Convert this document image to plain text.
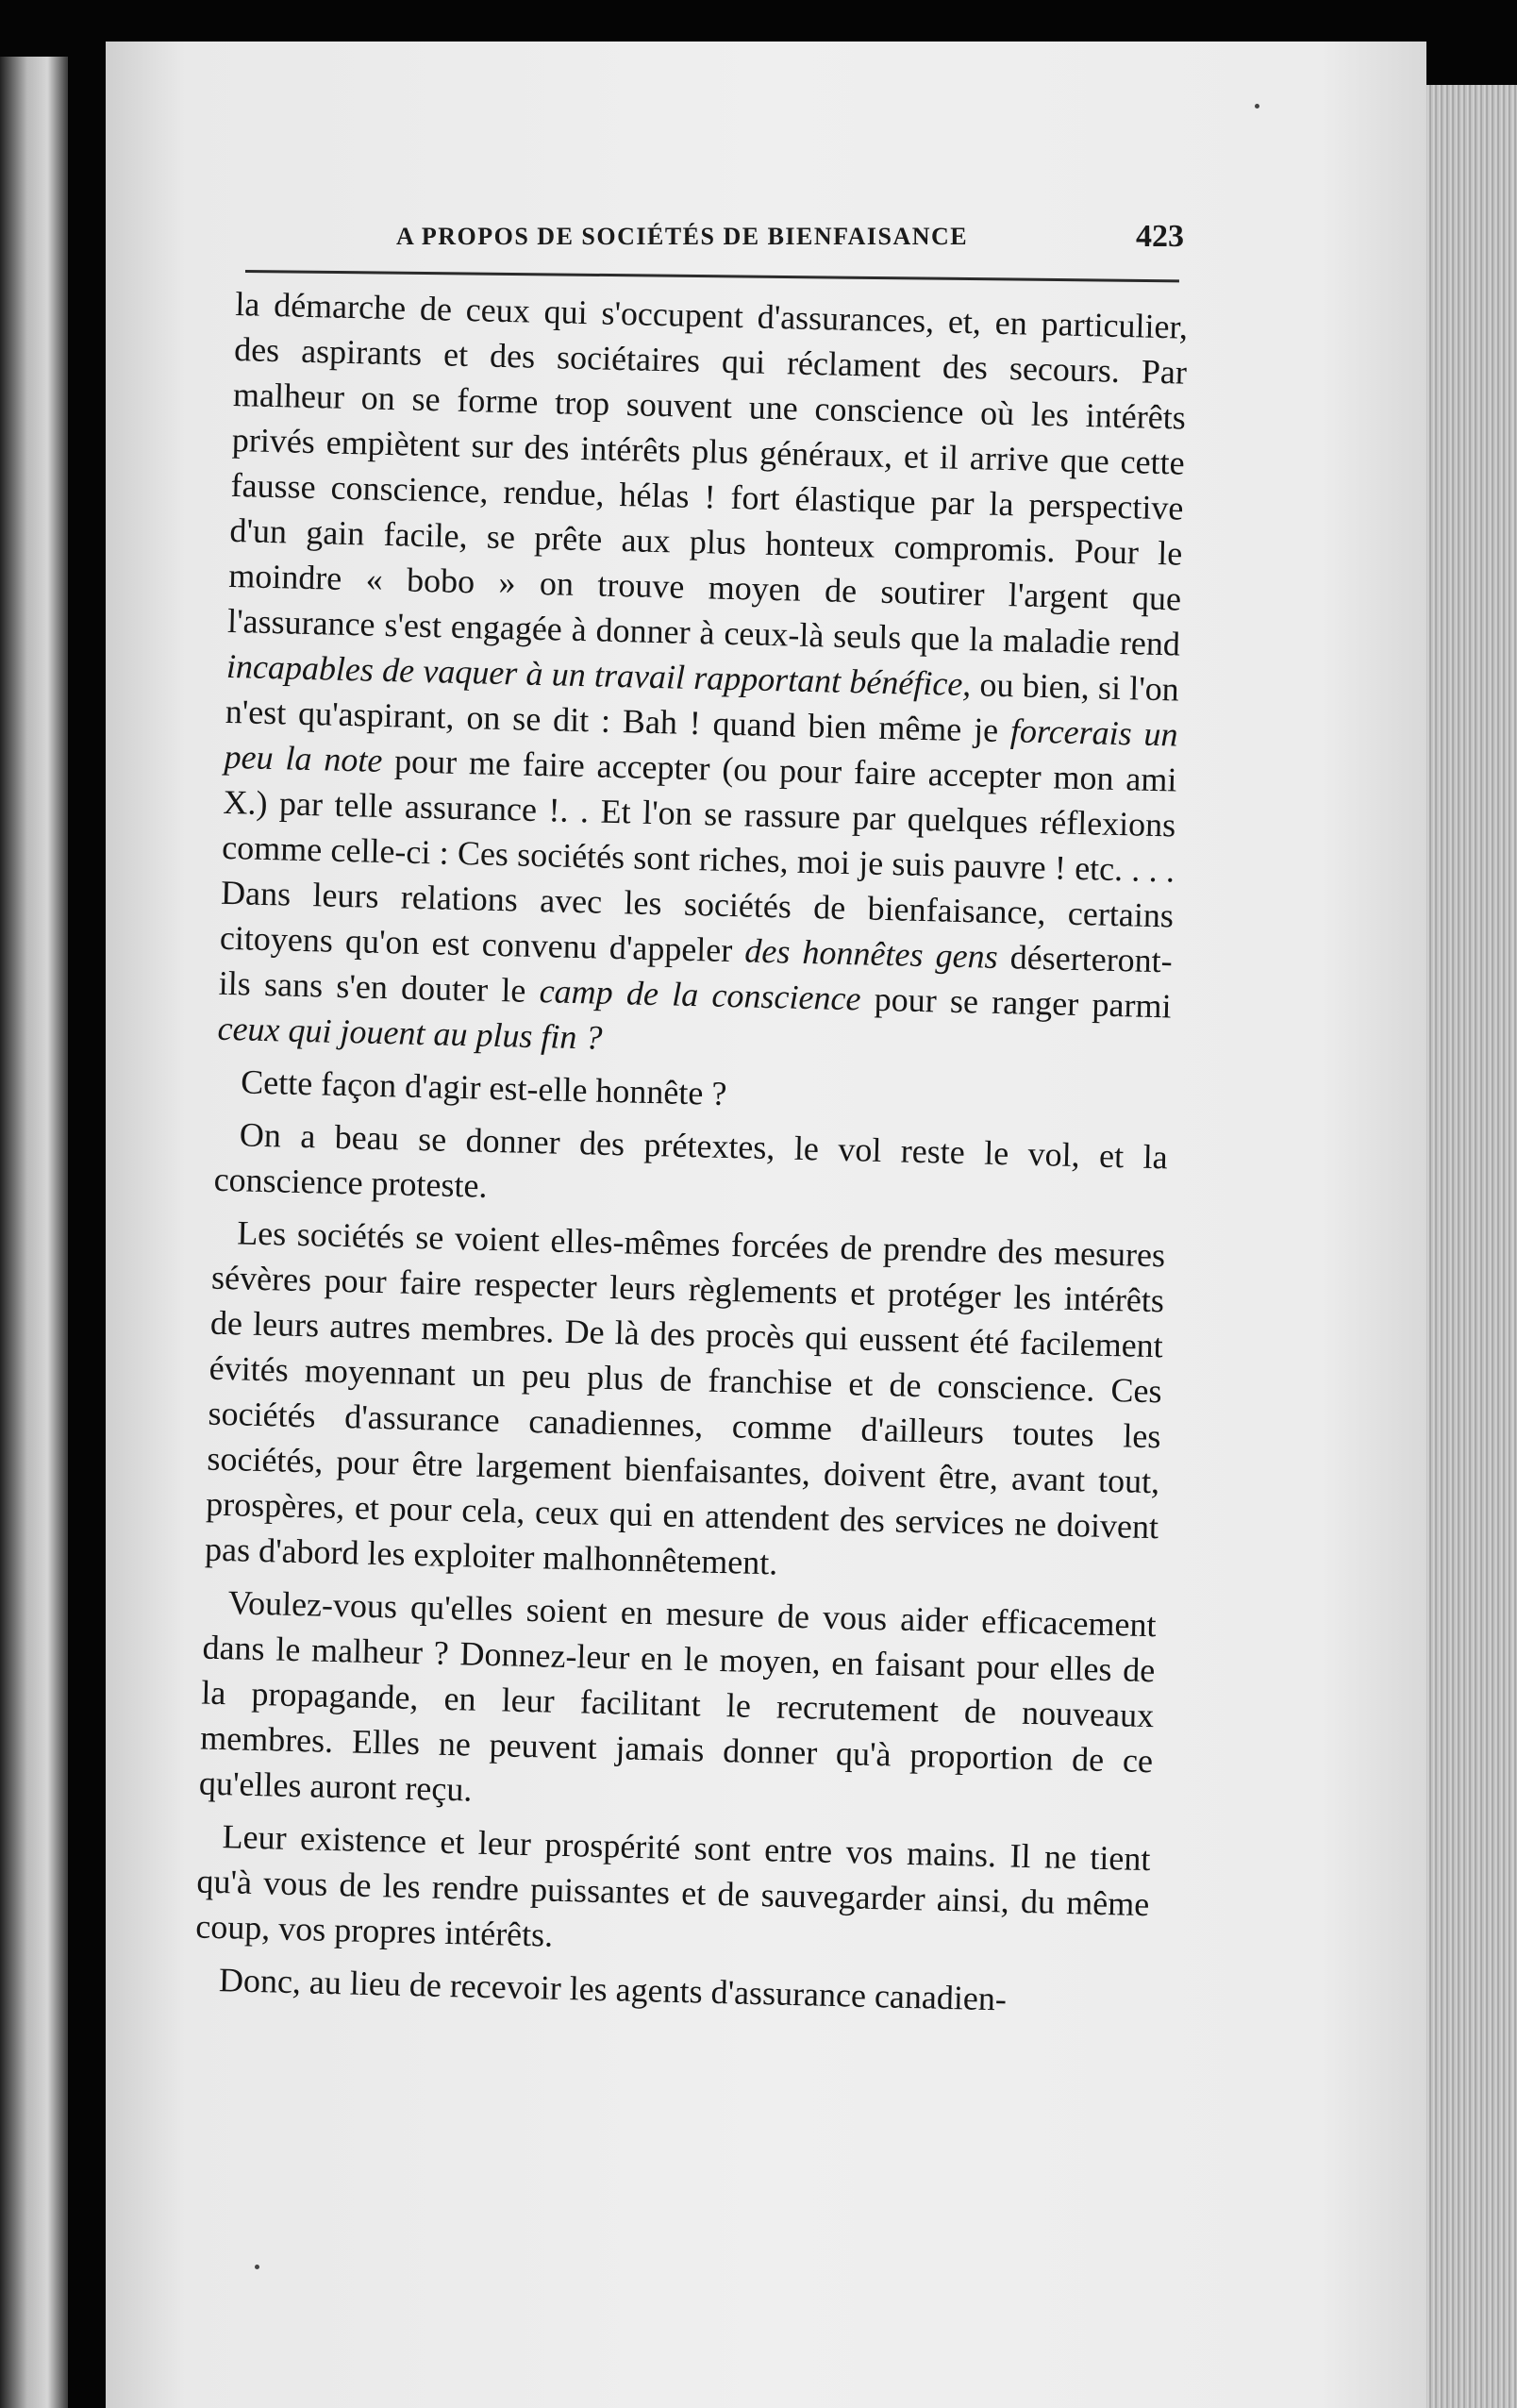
A PROPOS DE SOCIÉTÉS DE BIENFAISANCE	423

la démarche de ceux qui s'occupent d'assurances, et, en particulier, des aspirants et des sociétaires qui réclament des secours. Par malheur on se forme trop souvent une conscience où les intérêts privés empiètent sur des intérêts plus généraux, et il arrive que cette fausse conscience, rendue, hélas ! fort élastique par la perspective d'un gain facile, se prête aux plus honteux compromis. Pour le moindre « bobo » on trouve moyen de soutirer l'argent que l'assurance s'est engagée à donner à ceux-là seuls que la maladie rend incapables de vaquer à un travail rapportant bénéfice, ou bien, si l'on n'est qu'aspirant, on se dit : Bah ! quand bien même je forcerais un peu la note pour me faire accepter (ou pour faire accepter mon ami X.) par telle assurance !. . Et l'on se rassure par quelques réflexions comme celle-ci : Ces sociétés sont riches, moi je suis pauvre ! etc. . . . Dans leurs relations avec les sociétés de bienfaisance, certains citoyens qu'on est convenu d'appeler des honnêtes gens déserteront-ils sans s'en douter le camp de la conscience pour se ranger parmi ceux qui jouent au plus fin ?

Cette façon d'agir est-elle honnête ?

On a beau se donner des prétextes, le vol reste le vol, et la conscience proteste.

Les sociétés se voient elles-mêmes forcées de prendre des mesures sévères pour faire respecter leurs règlements et protéger les intérêts de leurs autres membres. De là des procès qui eussent été facilement évités moyennant un peu plus de franchise et de conscience. Ces sociétés d'assurance canadiennes, comme d'ailleurs toutes les sociétés, pour être largement bienfaisantes, doivent être, avant tout, prospères, et pour cela, ceux qui en attendent des services ne doivent pas d'abord les exploiter malhonnêtement.

Voulez-vous qu'elles soient en mesure de vous aider efficacement dans le malheur ? Donnez-leur en le moyen, en faisant pour elles de la propagande, en leur facilitant le recrutement de nouveaux membres. Elles ne peuvent jamais donner qu'à proportion de ce qu'elles auront reçu.

Leur existence et leur prospérité sont entre vos mains. Il ne tient qu'à vous de les rendre puissantes et de sauvegarder ainsi, du même coup, vos propres intérêts.

Donc, au lieu de recevoir les agents d'assurance canadien-
